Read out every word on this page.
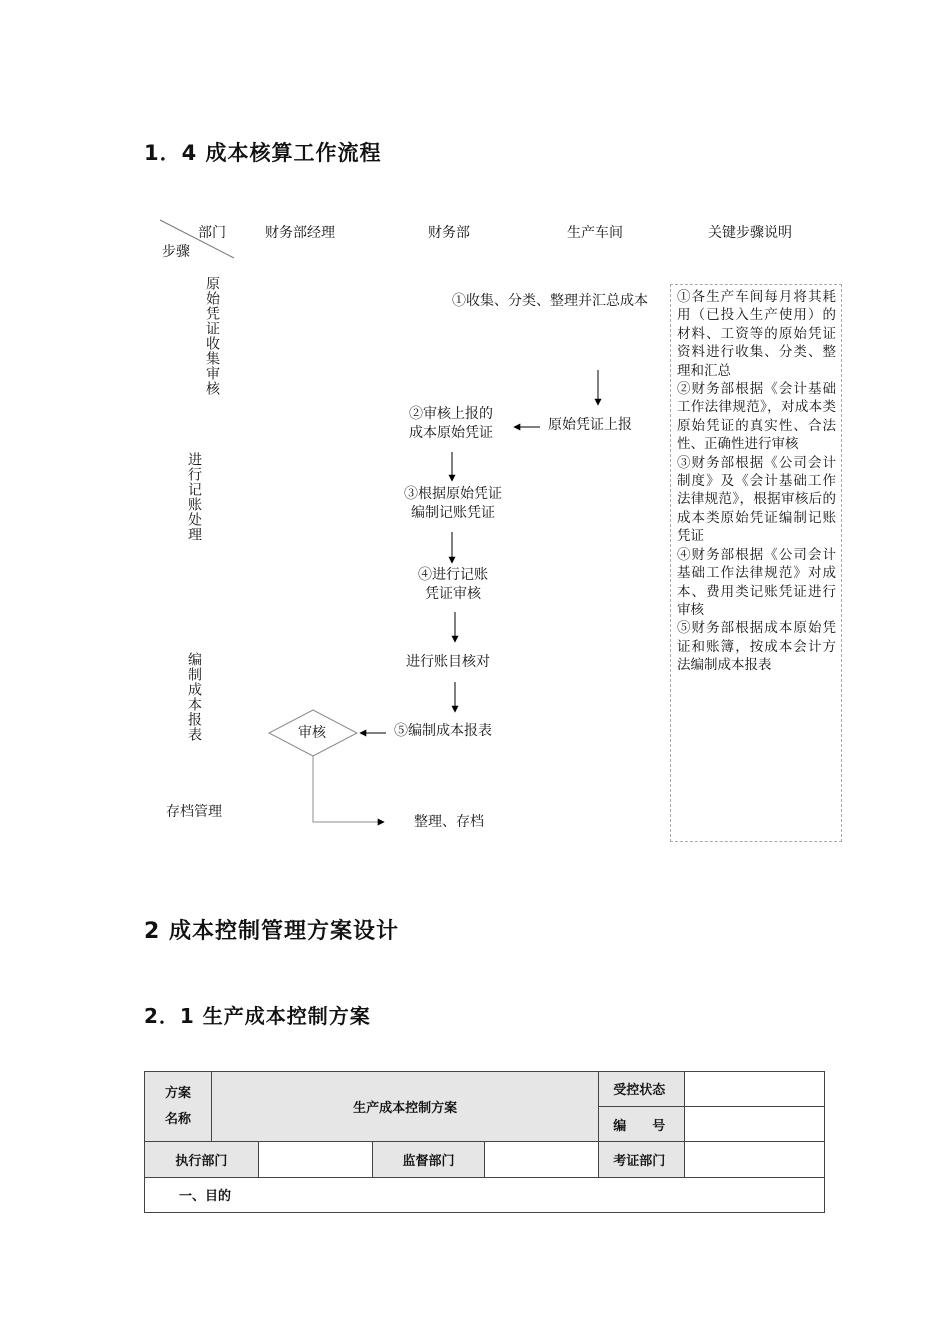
1．4 成本核算工作流程
部门
步骤
财务部经理	财务部	生产车间	关键步骤说明
原始凭证收集审核
进行记账处理
编制成本报表
存档管理
①收集、分类、整理并汇总成本
原始凭证上报
②审核上报的
成本原始凭证
③根据原始凭证
编制记账凭证
④进行记账
凭证审核
进行账目核对
⑤编制成本报表
审核
整理、存档

①各生产车间每月将其耗用（已投入生产使用）的材料、工资等的原始凭证资料进行收集、分类、整理和汇总

②财务部根据《会计基础工作法律规范》，对成本类原始凭证的真实性、合法性、正确性进行审核

③财务部根据《公司会计制度》及《会计基础工作法律规范》，根据审核后的成本类原始凭证编制记账凭证

④财务部根据《公司会计基础工作法律规范》对成本、费用类记账凭证进行审核

⑤财务部根据成本原始凭证和账簿，按成本会计方法编制成本报表

2 成本控制管理方案设计
2．1 生产成本控制方案
方案
名称	生产成本控制方案				受控状态	
					编　　号	
执行部门			监督部门		考证部门	
一、目的						
